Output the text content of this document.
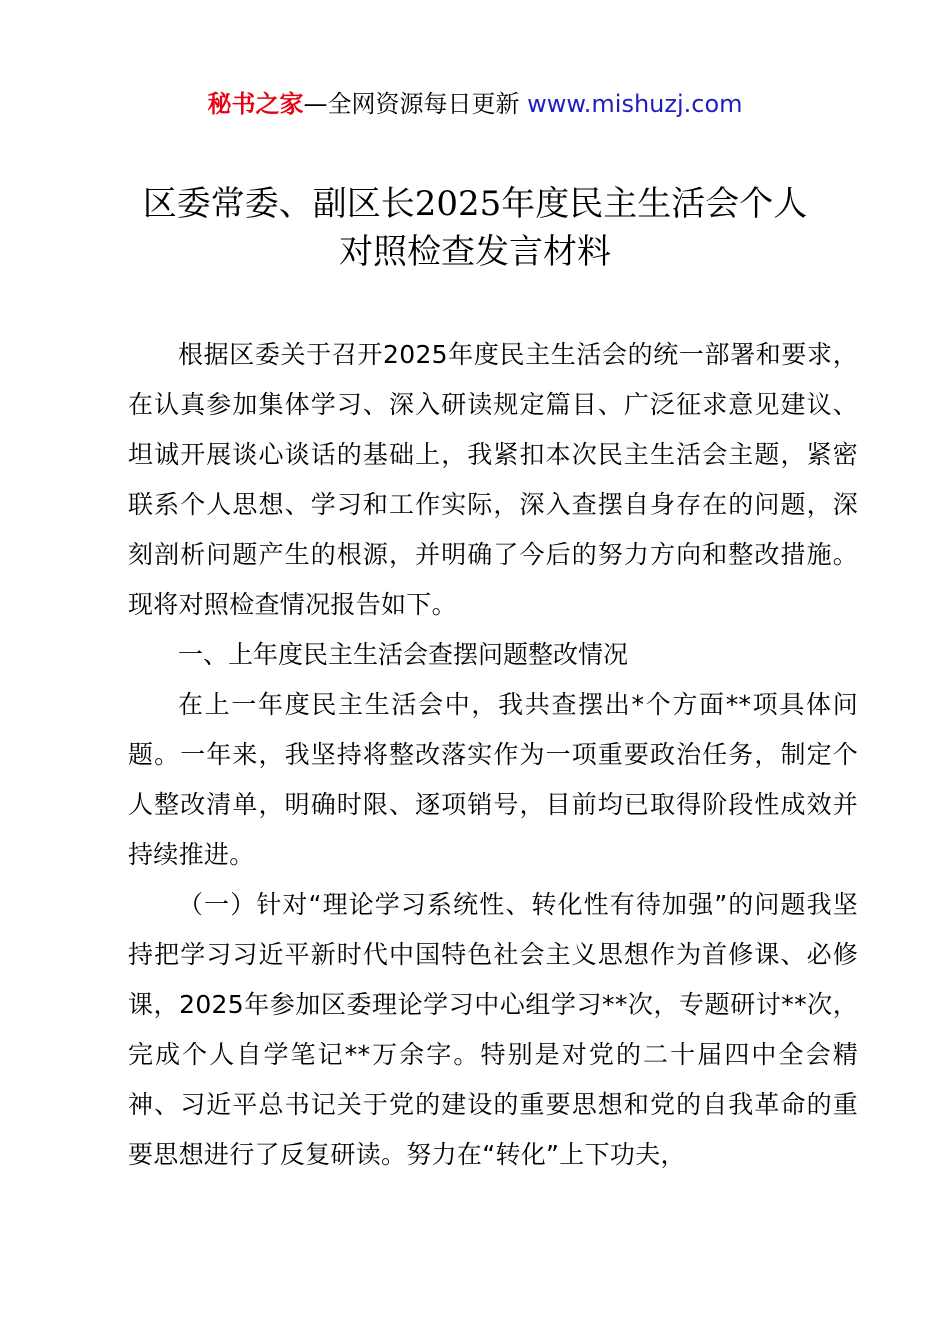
秘书之家—全网资源每日更新 www.mishuzj.com
区委常委、副区长2025年度民主生活会个人
对照检查发言材料

根据区委关于召开2025年度民主生活会的统一部署和要求，在认真参加集体学习、深入研读规定篇目、广泛征求意见建议、坦诚开展谈心谈话的基础上，我紧扣本次民主生活会主题，紧密联系个人思想、学习和工作实际，深入查摆自身存在的问题，深刻剖析问题产生的根源，并明确了今后的努力方向和整改措施。现将对照检查情况报告如下。

一、上年度民主生活会查摆问题整改情况

在上一年度民主生活会中，我共查摆出*个方面**项具体问题。一年来，我坚持将整改落实作为一项重要政治任务，制定个人整改清单，明确时限、逐项销号，目前均已取得阶段性成效并持续推进。

（一）针对“理论学习系统性、转化性有待加强”的问题我坚持把学习习近平新时代中国特色社会主义思想作为首修课、必修课，2025年参加区委理论学习中心组学习**次，专题研讨**次，完成个人自学笔记**万余字。特别是对党的二十届四中全会精神、习近平总书记关于党的建设的重要思想和党的自我革命的重要思想进行了反复研读。努力在“转化”上下功夫，
